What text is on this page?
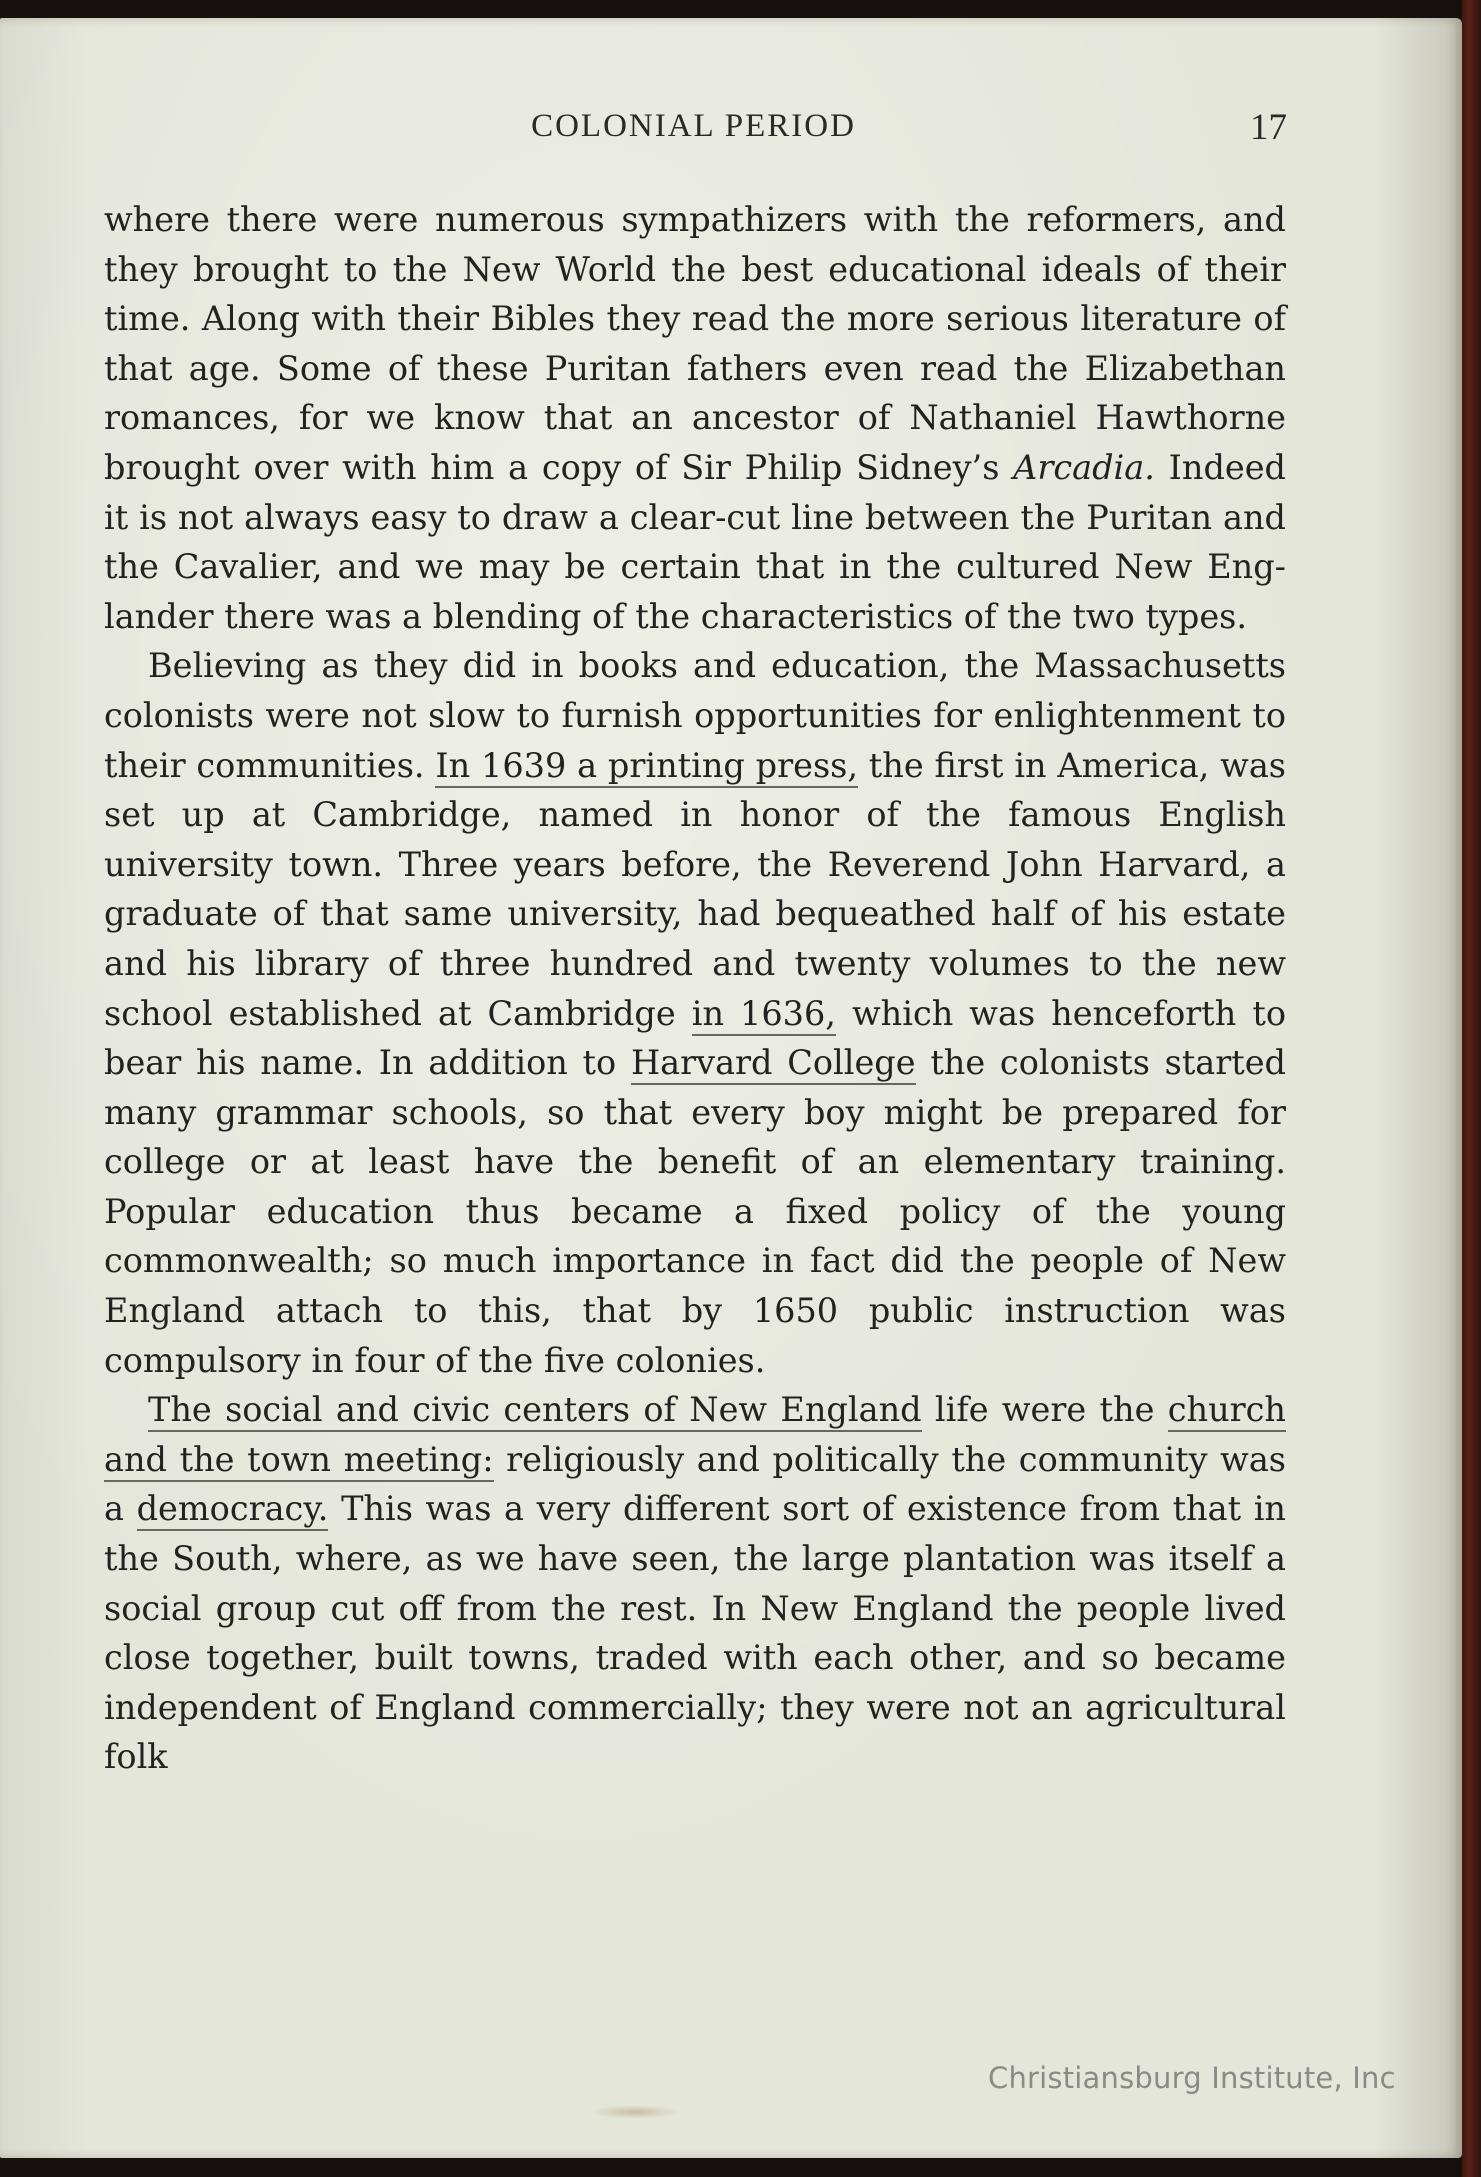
COLONIAL PERIOD	17

where there were numerous sympathizers with the reformers, and they brought to the New World the best educational ideals of their time. Along with their Bibles they read the more serious literature of that age. Some of these Puritan fathers even read the Elizabethan romances, for we know that an ancestor of Nathaniel Hawthorne brought over with him a copy of Sir Philip Sidney’s Arcadia. Indeed it is not always easy to draw a clear-cut line between the Puritan and the Cavalier, and we may be certain that in the cultured New Englander there was a blending of the characteristics of the two types.

Believing as they did in books and education, the Massachusetts colonists were not slow to furnish opportunities for enlightenment to their communities. In 1639 a printing press, the first in America, was set up at Cambridge, named in honor of the famous English university town. Three years before, the Reverend John Harvard, a graduate of that same university, had bequeathed half of his estate and his library of three hundred and twenty volumes to the new school established at Cambridge in 1636, which was henceforth to bear his name. In addition to Harvard College the colonists started many grammar schools, so that every boy might be prepared for college or at least have the benefit of an elementary training. Popular education thus became a fixed policy of the young commonwealth; so much importance in fact did the people of New England attach to this, that by 1650 public instruction was compulsory in four of the five colonies.

The social and civic centers of New England life were the church and the town meeting: religiously and politically the community was a democracy. This was a very different sort of existence from that in the South, where, as we have seen, the large plantation was itself a social group cut off from the rest. In New England the people lived close together, built towns, traded with each other, and so became independent of England commercially; they were not an agricultural folk

Christiansburg Institute, Inc
